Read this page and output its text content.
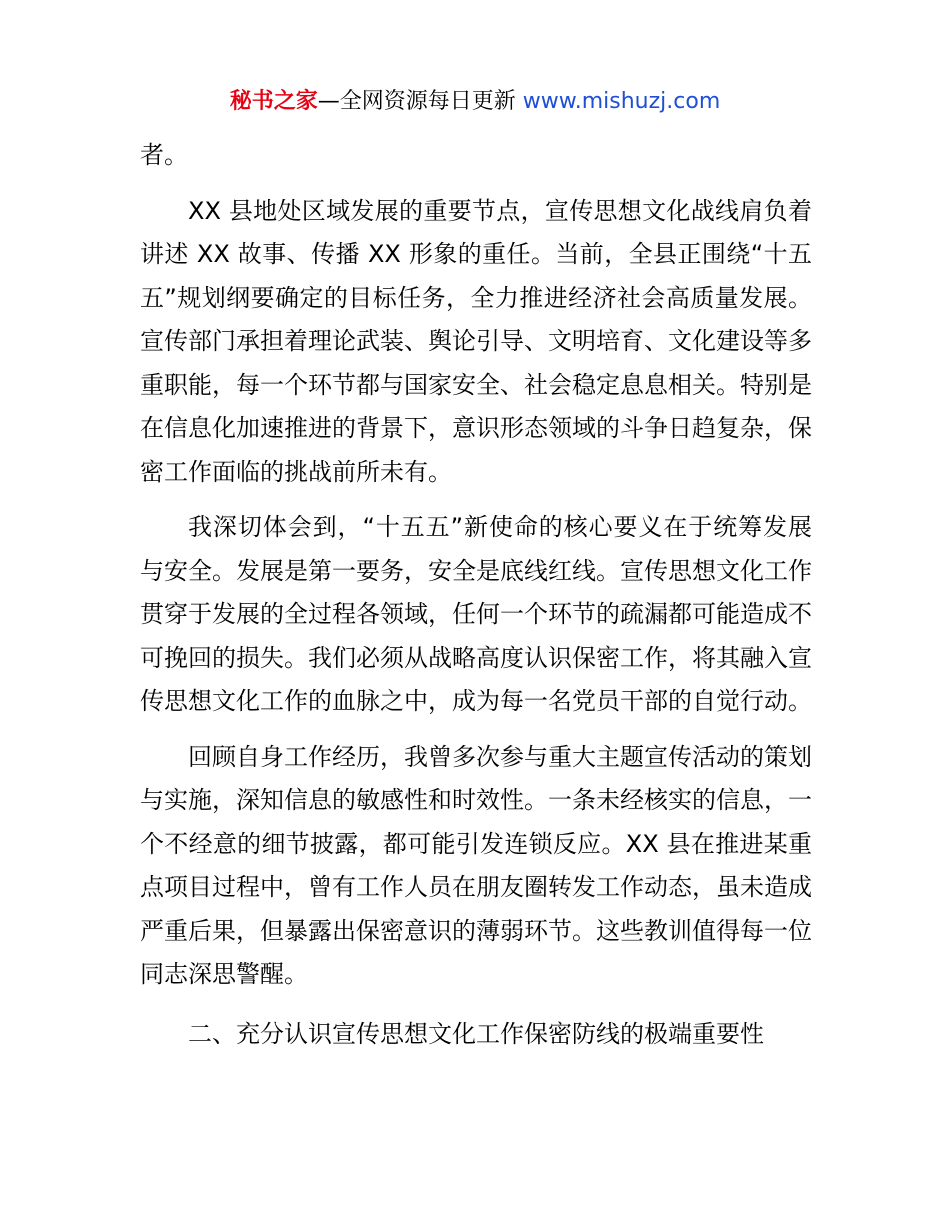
秘书之家—全网资源每日更新 www.mishuzj.com

者。

XX 县地处区域发展的重要节点，宣传思想文化战线肩负着讲述 XX 故事、传播 XX 形象的重任。当前，全县正围绕“十五五”规划纲要确定的目标任务，全力推进经济社会高质量发展。宣传部门承担着理论武装、舆论引导、文明培育、文化建设等多重职能，每一个环节都与国家安全、社会稳定息息相关。特别是在信息化加速推进的背景下，意识形态领域的斗争日趋复杂，保密工作面临的挑战前所未有。

我深切体会到，“十五五”新使命的核心要义在于统筹发展与安全。发展是第一要务，安全是底线红线。宣传思想文化工作贯穿于发展的全过程各领域，任何一个环节的疏漏都可能造成不可挽回的损失。我们必须从战略高度认识保密工作，将其融入宣传思想文化工作的血脉之中，成为每一名党员干部的自觉行动。

回顾自身工作经历，我曾多次参与重大主题宣传活动的策划与实施，深知信息的敏感性和时效性。一条未经核实的信息，一个不经意的细节披露，都可能引发连锁反应。XX 县在推进某重点项目过程中，曾有工作人员在朋友圈转发工作动态，虽未造成严重后果，但暴露出保密意识的薄弱环节。这些教训值得每一位同志深思警醒。

二、充分认识宣传思想文化工作保密防线的极端重要性
